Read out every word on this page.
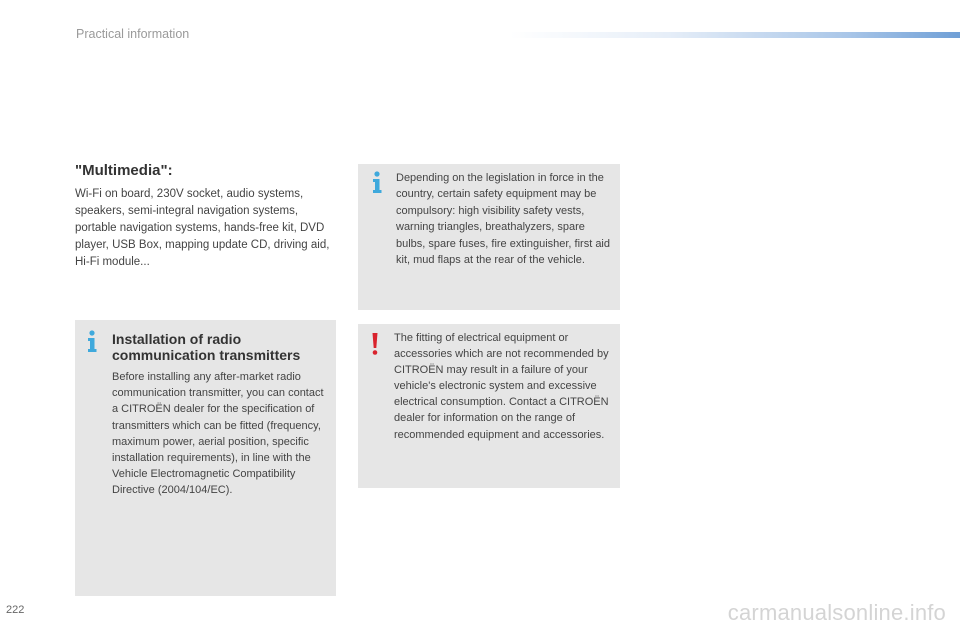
Practical information
"Multimedia":
Wi-Fi on board, 230V socket, audio systems, speakers, semi-integral navigation systems, portable navigation systems, hands-free kit, DVD player, USB Box, mapping update CD, driving aid, Hi-Fi module...
Depending on the legislation in force in the country, certain safety equipment may be compulsory: high visibility safety vests, warning triangles, breathalyzers, spare bulbs, spare fuses, fire extinguisher, first aid kit, mud flaps at the rear of the vehicle.
The fitting of electrical equipment or accessories which are not recommended by CITROËN may result in a failure of your vehicle's electronic system and excessive electrical consumption. Contact a CITROËN dealer for information on the range of recommended equipment and accessories.
Installation of radio communication transmitters
Before installing any after-market radio communication transmitter, you can contact a CITROËN dealer for the specification of transmitters which can be fitted (frequency, maximum power, aerial position, specific installation requirements), in line with the Vehicle Electromagnetic Compatibility Directive (2004/104/EC).
222	carmanualsonline.info
